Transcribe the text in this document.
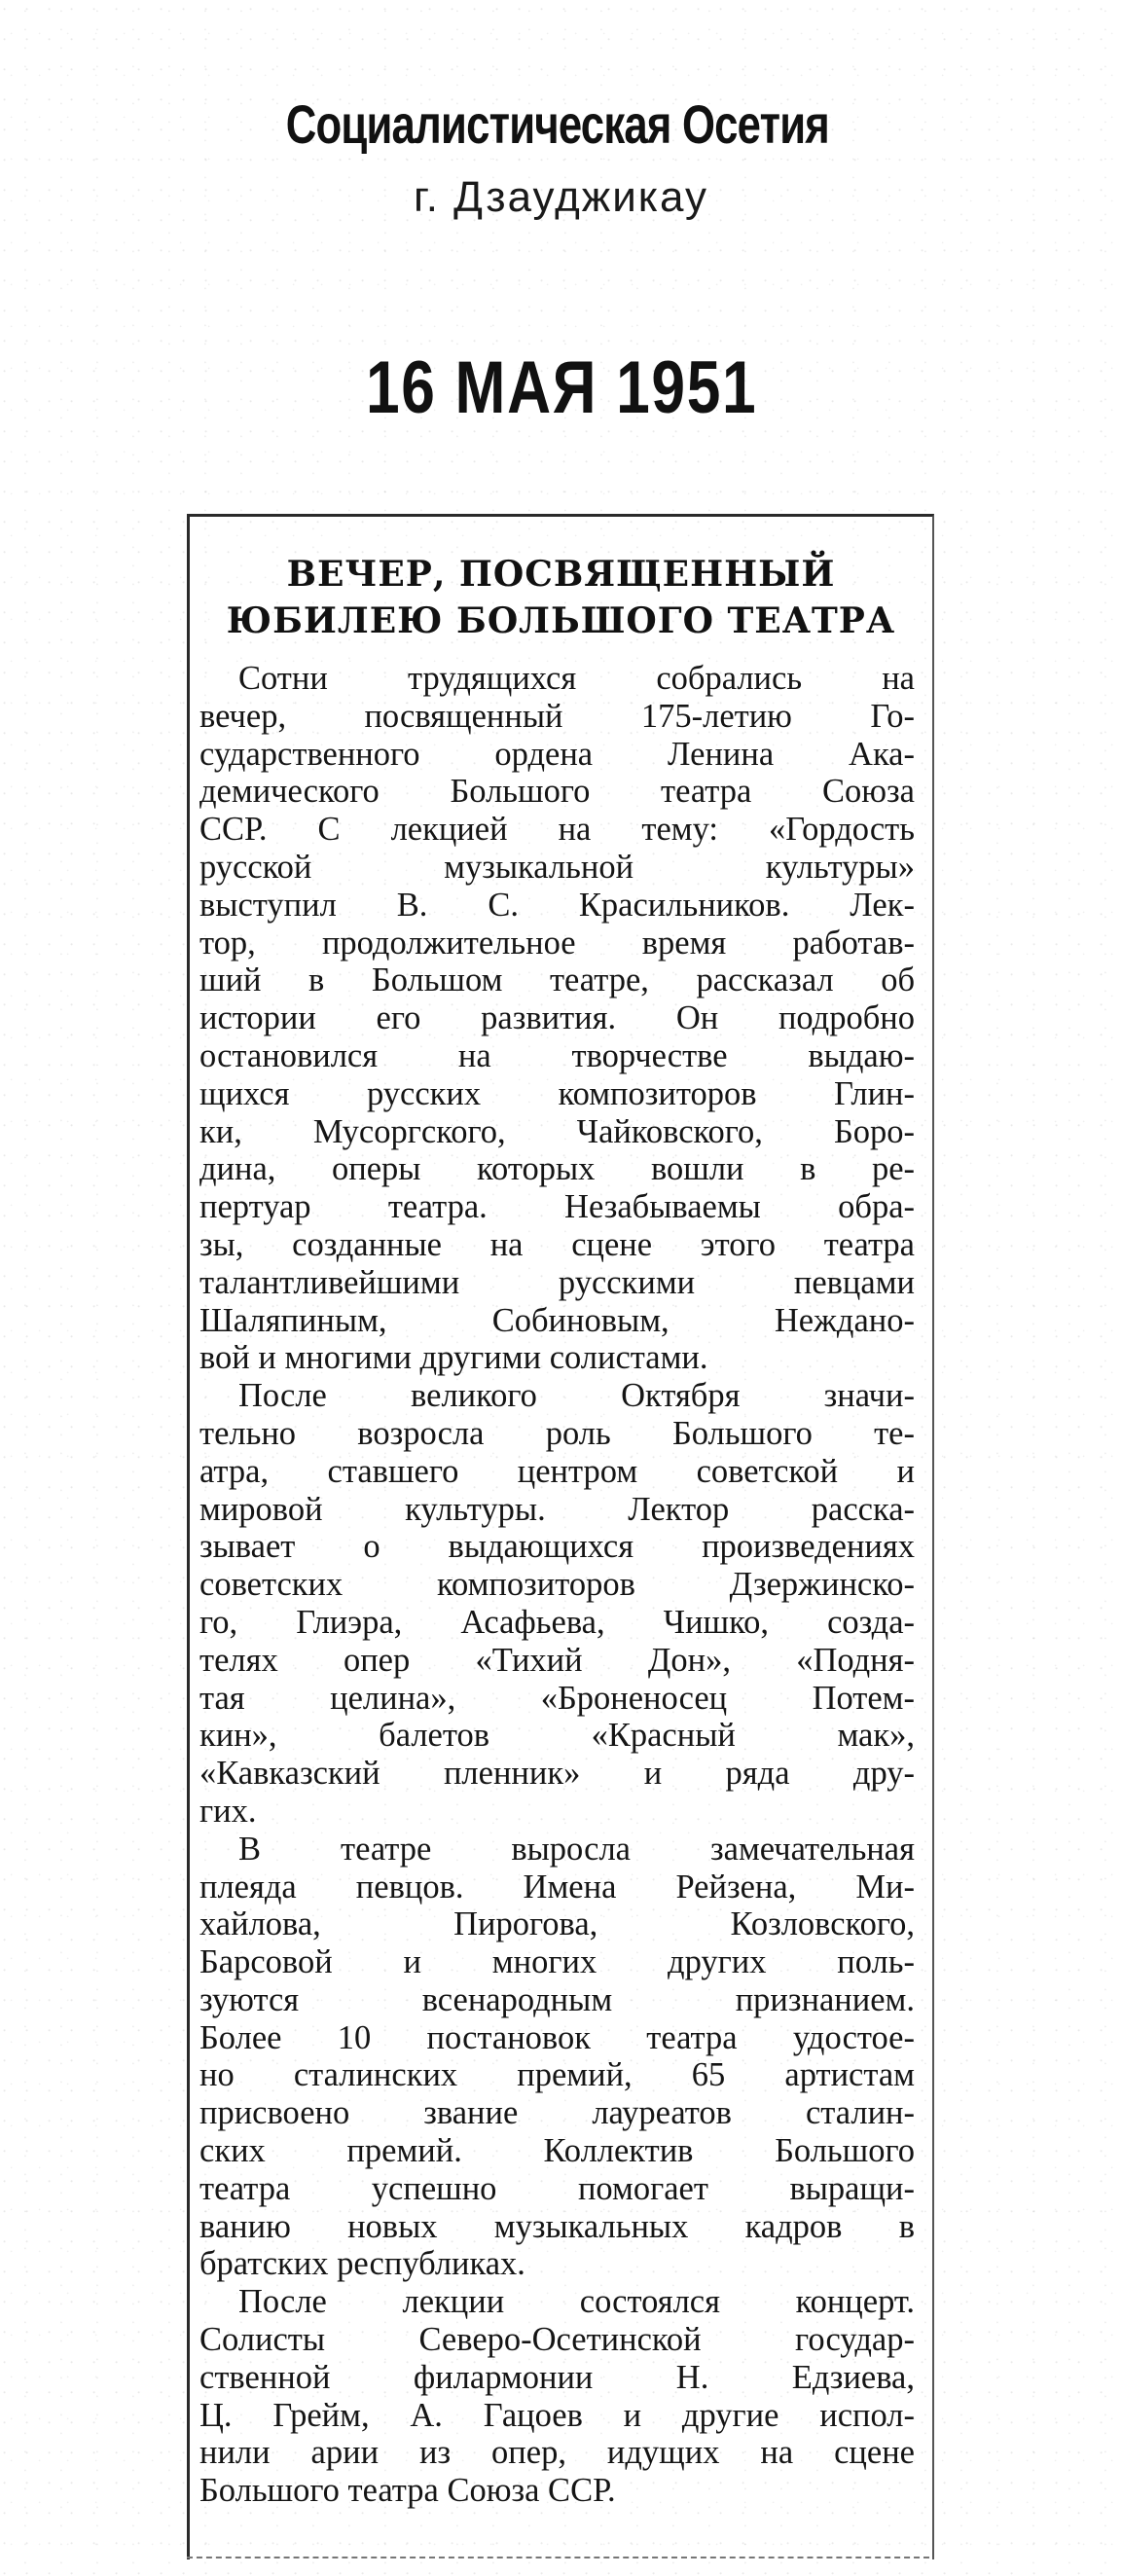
Социалистическая Осетия
г. Дзауджикау
16 МАЯ 1951
ВЕЧЕР, ПОСВЯЩЕННЫЙ
ЮБИЛЕЮ БОЛЬШОГО ТЕАТРА
Сотни трудящихся собрались на
вечер, посвященный 175-летию Го-
сударственного ордена Ленина Ака-
демического Большого театра Союза
ССР. С лекцией на тему: «Гордость
русской музыкальной культуры»
выступил В. С. Красильников. Лек-
тор, продолжительное время работав-
ший в Большом театре, рассказал об
истории его развития. Он подробно
остановился на творчестве выдаю-
щихся русских композиторов Глин-
ки, Мусоргского, Чайковского, Боро-
дина, оперы которых вошли в ре-
пертуар театра. Незабываемы обра-
зы, созданные на сцене этого театра
талантливейшими русскими певцами
Шаляпиным, Собиновым, Неждано-
вой и многими другими солистами.
После великого Октября значи-
тельно возросла роль Большого те-
атра, ставшего центром советской и
мировой культуры. Лектор расска-
зывает о выдающихся произведениях
советских композиторов Дзержинско-
го, Глиэра, Асафьева, Чишко, созда-
телях опер «Тихий Дон», «Подня-
тая целина», «Броненосец Потем-
кин», балетов «Красный мак»,
«Кавказский пленник» и ряда дру-
гих.
В театре выросла замечательная
плеяда певцов. Имена Рейзена, Ми-
хайлова, Пирогова, Козловского,
Барсовой и многих других поль-
зуются всенародным признанием.
Более 10 постановок театра удостое-
но сталинских премий, 65 артистам
присвоено звание лауреатов сталин-
ских премий. Коллектив Большого
театра успешно помогает выращи-
ванию новых музыкальных кадров в
братских республиках.
После лекции состоялся концерт.
Солисты Северо-Осетинской государ-
ственной филармонии Н. Едзиева,
Ц. Грейм, А. Гацоев и другие испол-
нили арии из опер, идущих на сцене
Большого театра Союза ССР.
